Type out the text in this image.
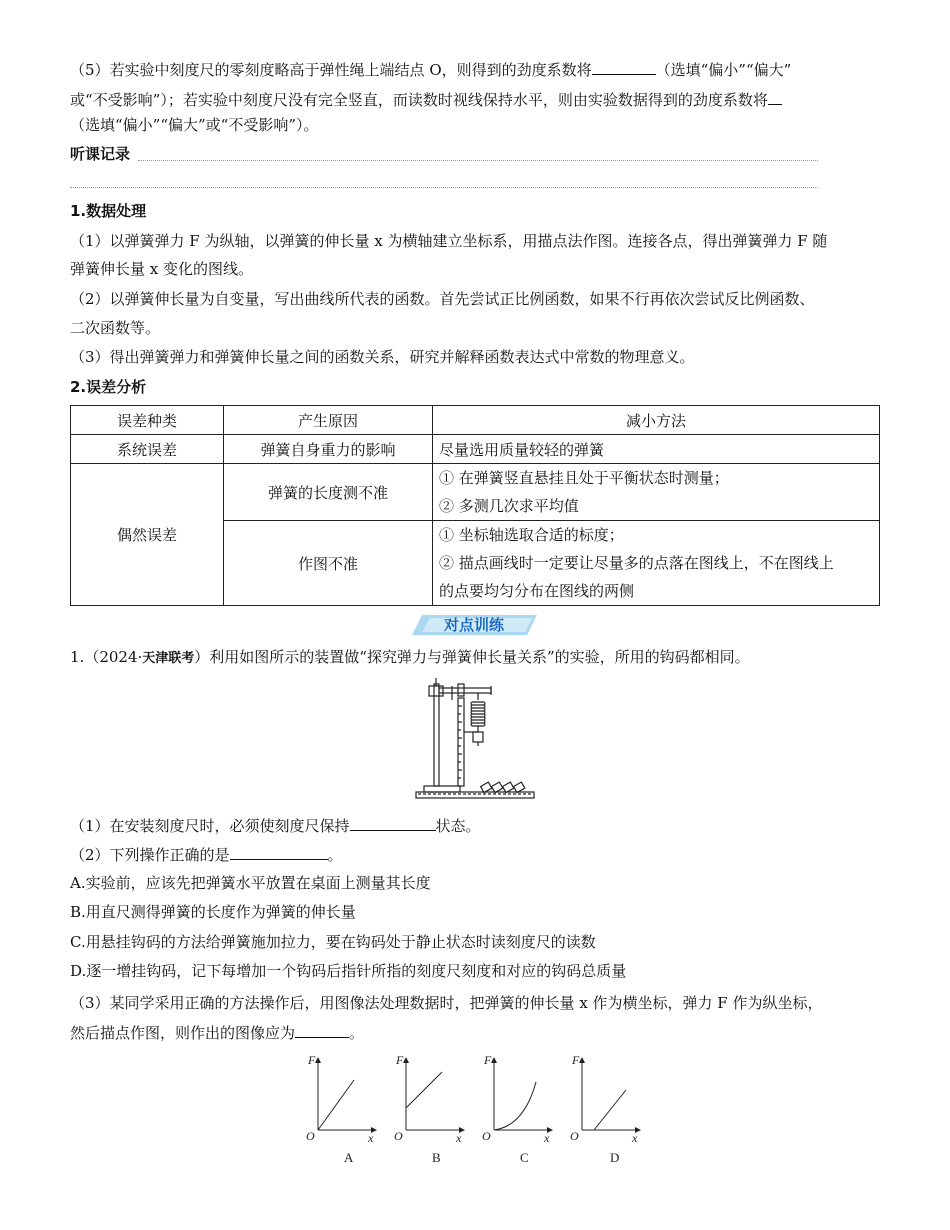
（5）若实验中刻度尺的零刻度略高于弹性绳上端结点 O，则得到的劲度系数将	（选填“偏小”“偏大”
或“不受影响”）；若实验中刻度尺没有完全竖直，而读数时视线保持水平，则由实验数据得到的劲度系数将
（选填“偏小”“偏大”或“不受影响”）。
听课记录
1.数据处理
（1）以弹簧弹力 F 为纵轴，以弹簧的伸长量 x 为横轴建立坐标系，用描点法作图。连接各点，得出弹簧弹力 F 随
弹簧伸长量 x 变化的图线。
（2）以弹簧伸长量为自变量，写出曲线所代表的函数。首先尝试正比例函数，如果不行再依次尝试反比例函数、
二次函数等。
（3）得出弹簧弹力和弹簧伸长量之间的函数关系，研究并解释函数表达式中常数的物理意义。
2.误差分析
误差种类	产生原因	减小方法
系统误差	弹簧自身重力的影响	尽量选用质量较轻的弹簧
偶然误差	弹簧的长度测不准	① 在弹簧竖直悬挂且处于平衡状态时测量；
② 多测几次求平均值

	作图不准	① 坐标轴选取合适的标度；
② 描点画线时一定要让尽量多的点落在图线上，不在图线上
的点要均匀分布在图线的两侧
对点训练
1.（2024·天津联考）利用如图所示的装置做“探究弹力与弹簧伸长量关系”的实验，所用的钩码都相同。
（1）在安装刻度尺时，必须使刻度尺保持	状态。
（2）下列操作正确的是	。
A.实验前，应该先把弹簧水平放置在桌面上测量其长度
B.用直尺测得弹簧的长度作为弹簧的伸长量
C.用悬挂钩码的方法给弹簧施加拉力，要在钩码处于静止状态时读刻度尺的读数
D.逐一增挂钩码，记下每增加一个钩码后指针所指的刻度尺刻度和对应的钩码总质量
（3）某同学采用正确的方法操作后，用图像法处理数据时，把弹簧的伸长量 x 作为横坐标，弹力 F 作为纵坐标，
然后描点作图，则作出的图像应为	。
F
O	x
A
F
O	x
B
F
O	x
C
F
O	x
D
